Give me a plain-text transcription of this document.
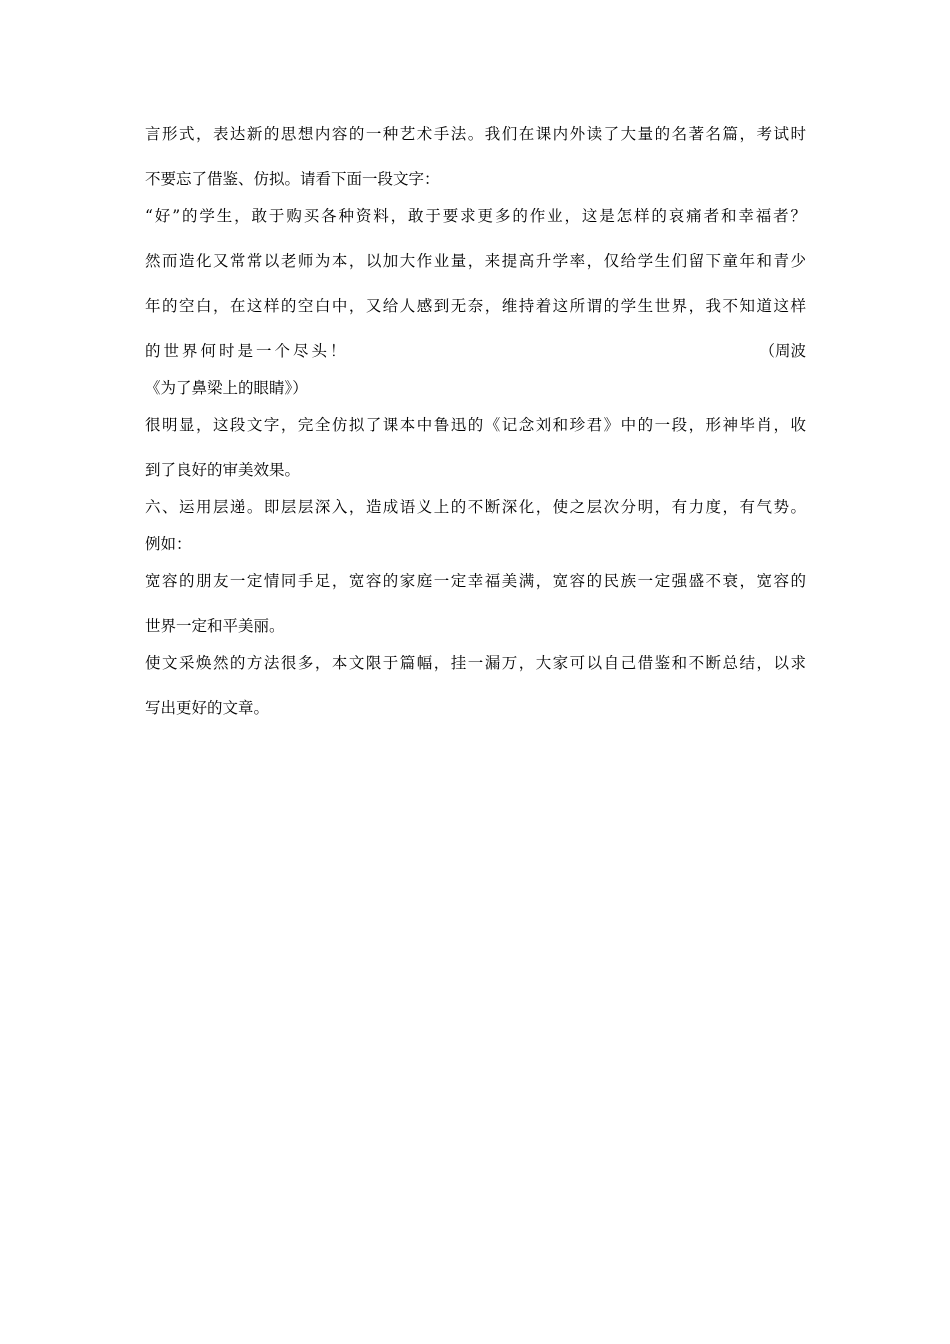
言形式，表达新的思想内容的一种艺术手法。我们在课内外读了大量的名著名篇，考试时
不要忘了借鉴、仿拟。请看下面一段文字：
“好”的学生，敢于购买各种资料，敢于要求更多的作业，这是怎样的哀痛者和幸福者？
然而造化又常常以老师为本，以加大作业量，来提高升学率，仅给学生们留下童年和青少
年的空白，在这样的空白中，又给人感到无奈，维持着这所谓的学生世界，我不知道这样
的世界何时是一个尽头！	（周波
《为了鼻梁上的眼睛》）
很明显，这段文字，完全仿拟了课本中鲁迅的《记念刘和珍君》中的一段，形神毕肖，收
到了良好的审美效果。
六、运用层递。即层层深入，造成语义上的不断深化，使之层次分明，有力度，有气势。
例如：
宽容的朋友一定情同手足，宽容的家庭一定幸福美满，宽容的民族一定强盛不衰，宽容的
世界一定和平美丽。
使文采焕然的方法很多，本文限于篇幅，挂一漏万，大家可以自己借鉴和不断总结，以求
写出更好的文章。
